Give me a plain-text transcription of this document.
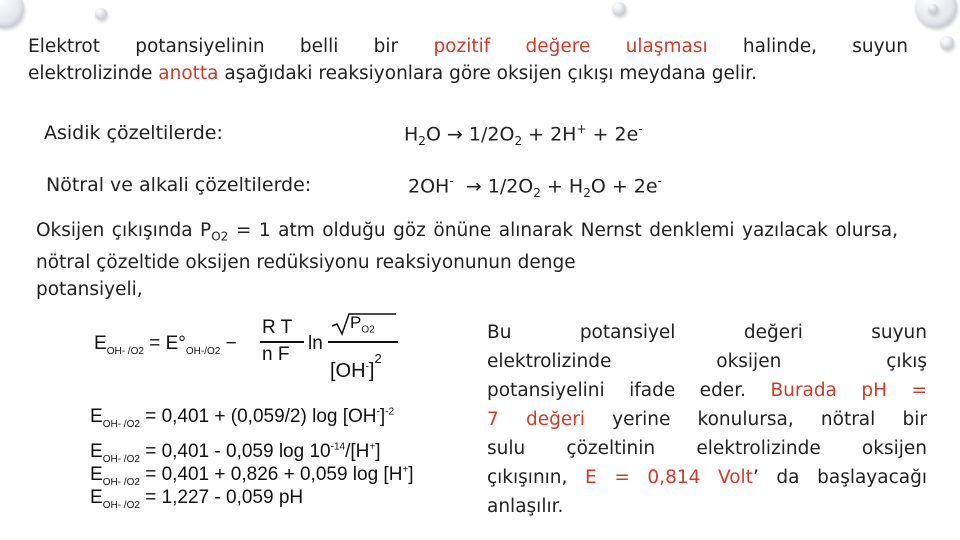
Elektrot potansiyelinin belli bir pozitif değere ulaşması halinde, suyun
elektrolizinde anotta aşağıdaki reaksiyonlara göre oksijen çıkışı meydana gelir.
Asidik çözeltilerde:	$H_2O \to 1/2O_2 + 2H^+ + 2e^-$
Nötral ve alkali çözeltilerde:	$2OH^- \to 1/2O_2 + H_2O + 2e^-$
Oksijen çıkışında $P_{O2} = 1$ atm olduğu göz önüne alınarak Nernst denklemi yazılacak olursa, nötral çözeltide oksijen redüksiyonu reaksiyonunun denge
potansiyeli,
$E_{OH- /O2} = E^\circ_{OH-/O2}$ −
R T
n F
ln
$P_{O2}$
$[OH^-]^2$
$E_{OH- /O2} = 0,401 + (0,059/2)$ $\log [OH^-]^{-2}$
$E_{OH- /O2} = 0,401 - 0,059$ $\log 10^{-14}/[H^+]$
$E_{OH- /O2} = 0,401 + 0,826 + 0,059$ log [H+]
$E_{OH- /O2} = 1,227 - 0,059$ pH
Bu potansiyel değeri suyun
elektrolizinde oksijen çıkış
potansiyelini ifade eder. Burada pH =
7 değeri yerine konulursa, nötral bir
sulu çözeltinin elektrolizinde oksijen
çıkışının, E = 0,814 Volt’ da başlayacağı
anlaşılır.
